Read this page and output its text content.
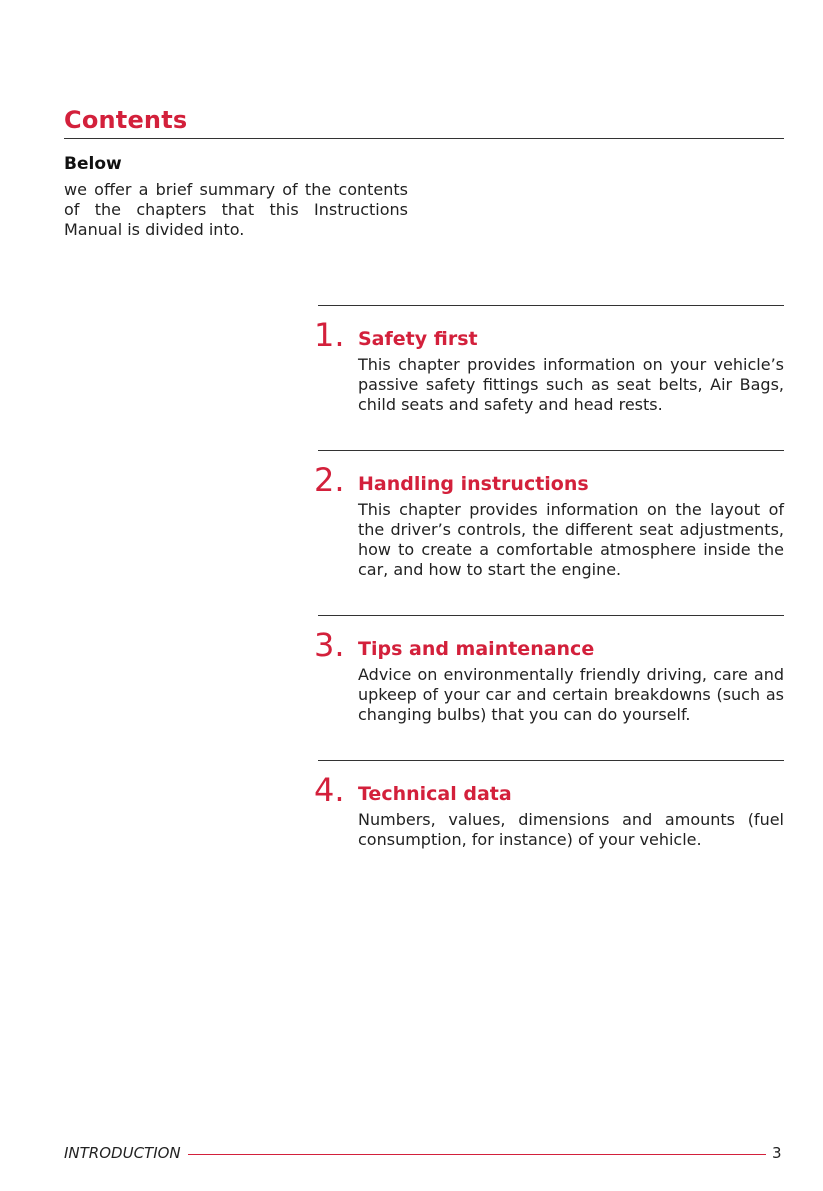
Contents
Below
we offer a brief summary of the contents of the chapters that this Instructions Manual is divided into.
1. Safety first
This chapter provides information on your vehicle’s passive safety fittings such as seat belts, Air Bags, child seats and safety and head rests.
2. Handling instructions
This chapter provides information on the layout of the driver’s controls, the different seat adjustments, how to create a comfortable atmosphere inside the car, and how to start the engine.
3. Tips and maintenance
Advice on environmentally friendly driving, care and upkeep of your car and certain breakdowns (such as changing bulbs) that you can do yourself.
4. Technical data
Numbers, values, dimensions and amounts (fuel consumption, for instance) of your vehicle.
INTRODUCTION	3
